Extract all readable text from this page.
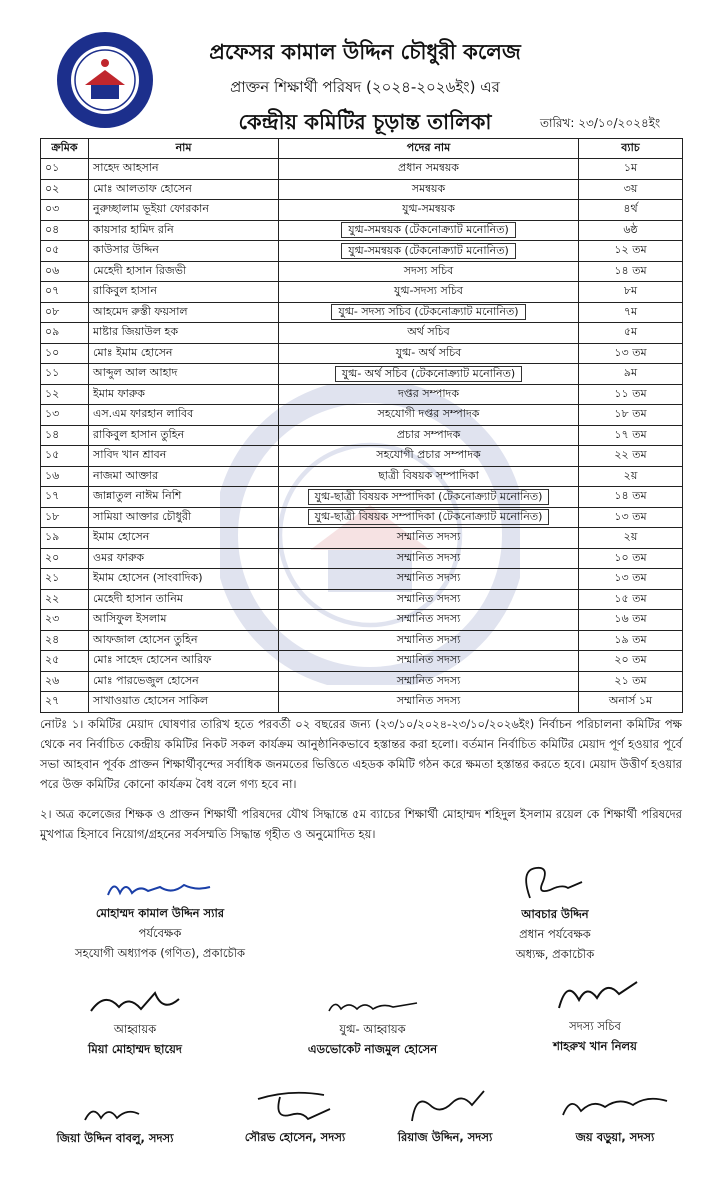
প্রফেসর কামাল উদ্দিন চৌধুরী কলেজ
প্রাক্তন শিক্ষার্থী পরিষদ (২০২৪-২০২৬ইং) এর
কেন্দ্রীয় কমিটির চূড়ান্ত তালিকা	তারিখ: ২৩/১০/২০২৪ইং
ক্রমিক	নাম	পদের নাম	ব্যাচ
০১	সাহেদ আহসান	প্রধান সমন্বয়ক	১ম
০২	মোঃ আলতাফ হোসেন	সমন্বয়ক	৩য়
০৩	নুরুচ্ছালাম ভূইয়া ফোরকান	যুগ্ম-সমন্বয়ক	৪র্থ
০৪	কায়সার হামিদ রনি	যুগ্ম-সমন্বয়ক (টেকনোক্র্যাট মনোনিত)	৬ষ্ঠ
০৫	কাউসার উদ্দিন	যুগ্ম-সমন্বয়ক (টেকনোক্র্যাট মনোনিত)	১২ তম
০৬	মেহেদী হাসান রিজভী	সদস্য সচিব	১৪ তম
০৭	রাকিবুল হাসান	যুগ্ম-সদস্য সচিব	৮ম
০৮	আহমেদ রুস্তী ফয়সাল	যুগ্ম- সদস্য সচিব (টেকনোক্র্যাট মনোনিত)	৭ম
০৯	মাষ্টার জিয়াউল হক	অর্থ সচিব	৫ম
১০	মোঃ ইমাম হোসেন	যুগ্ম- অর্থ সচিব	১৩ তম
১১	আব্দুল আল আহাদ	যুগ্ম- অর্থ সচিব (টেকনোক্র্যাট মনোনিত)	৯ম
১২	ইমাম ফারুক	দপ্তর সম্পাদক	১১ তম
১৩	এস.এম ফারহান লাবিব	সহযোগী দপ্তর সম্পাদক	১৮ তম
১৪	রাকিবুল হাসান তুহিন	প্রচার সম্পাদক	১৭ তম
১৫	সাবিদ খান শ্রাবন	সহযোগী প্রচার সম্পাদক	২২ তম
১৬	নাজমা আক্তার	ছাত্রী বিষয়ক সম্পাদিকা	২য়
১৭	জান্নাতুল নাঈম নিশি	যুগ্ম-ছাত্রী বিষয়ক সম্পাদিকা (টেকনোক্র্যাট মনোনিত)	১৪ তম
১৮	সামিয়া আক্তার চৌধুরী	যুগ্ম-ছাত্রী বিষয়ক সম্পাদিকা (টেকনোক্র্যাট মনোনিত)	১৩ তম
১৯	ইমাম হোসেন	সম্মানিত সদস্য	২য়
২০	ওমর ফারুক	সম্মানিত সদস্য	১০ তম
২১	ইমাম হোসেন (সাংবাদিক)	সম্মানিত সদস্য	১৩ তম
২২	মেহেদী হাসান তানিম	সম্মানিত সদস্য	১৫ তম
২৩	আসিফুল ইসলাম	সম্মানিত সদস্য	১৬ তম
২৪	আফজাল হোসেন তুহিন	সম্মানিত সদস্য	১৯ তম
২৫	মোঃ সাহেদ হোসেন আরিফ	সম্মানিত সদস্য	২০ তম
২৬	মোঃ পারভেজুল হোসেন	সম্মানিত সদস্য	২১ তম
২৭	সাখাওয়াত হোসেন সাকিল	সম্মানিত সদস্য	অনার্স ১ম

নোটঃ ১। কমিটির মেয়াদ ঘোষণার তারিখ হতে পরবর্তী ০২ বছরের জন্য (২৩/১০/২০২৪-২৩/১০/২০২৬ইং) নির্বাচন পরিচালনা কমিটির পক্ষ থেকে নব নির্বাচিত কেন্দ্রীয় কমিটির নিকট সকল কার্যক্রম আনুষ্ঠানিকভাবে হস্তান্তর করা হলো। বর্তমান নির্বাচিত কমিটির মেয়াদ পূর্ণ হওয়ার পূর্বে সভা আহবান পূর্বক প্রাক্তন শিক্ষার্থীবৃন্দের সর্বাধিক জনমতের ভিত্তিতে এহডক কমিটি গঠন করে ক্ষমতা হস্তান্তর করতে হবে। মেয়াদ উত্তীর্ণ হওয়ার পরে উক্ত কমিটির কোনো কার্যক্রম বৈধ বলে গণ্য হবে না।

২। অত্র কলেজের শিক্ষক ও প্রাক্তন শিক্ষার্থী পরিষদের যৌথ সিদ্ধান্তে ৫ম ব্যাচের শিক্ষার্থী মোহাম্মদ শহিদুল ইসলাম রয়েল কে শিক্ষার্থী পরিষদের মুখপাত্র হিসাবে নিয়োগ/গ্রহনের সর্বসম্মতি সিদ্ধান্ত গৃহীত ও অনুমোদিত হয়।

মোহাম্মদ কামাল উদ্দিন স্যার
পর্যবেক্ষক
সহযোগী অধ্যাপক (গণিত), প্রকাচৌক
আবচার উদ্দিন
প্রধান পর্যবেক্ষক
অধ্যক্ষ, প্রকাচৌক
আহ্বায়ক
মিয়া মোহাম্মদ ছায়েদ
যুগ্ম- আহ্বায়ক
এডভোকেট নাজমুল হোসেন
সদস্য সচিব
শাহরুখ খান নিলয়
জিয়া উদ্দিন বাবলু, সদস্য	সৌরভ হোসেন, সদস্য	রিয়াজ উদ্দিন, সদস্য	জয় বড়ুয়া, সদস্য
